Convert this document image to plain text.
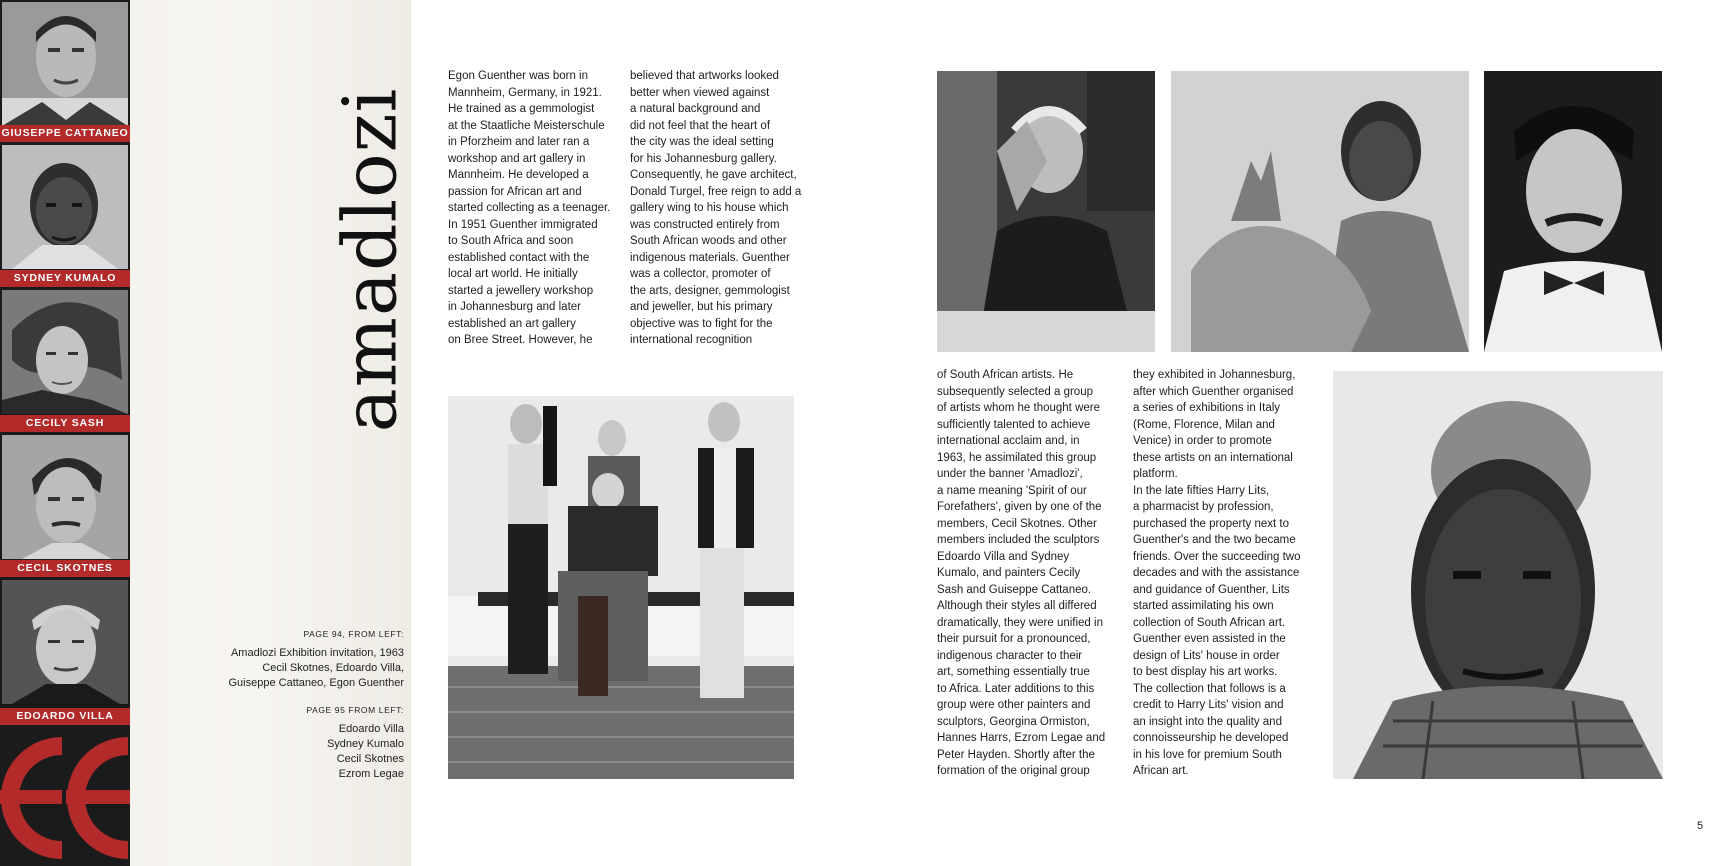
GIUSEPPE CATTANEO
SYDNEY KUMALO
CECILY SASH
CECIL SKOTNES
EDOARDO VILLA
amadlozi
PAGE 94, FROM LEFT:
Amadlozi Exhibition invitation, 1963
Cecil Skotnes, Edoardo Villa,
Guiseppe Cattaneo, Egon Guenther
PAGE 95 FROM LEFT:
Edoardo Villa
Sydney Kumalo
Cecil Skotnes
Ezrom Legae
Egon Guenther was born in
Mannheim, Germany, in 1921.
He trained as a gemmologist
at the Staatliche Meisterschule
in Pforzheim and later ran a
workshop and art gallery in
Mannheim. He developed a
passion for African art and
started collecting as a teenager.
In 1951 Guenther immigrated
to South Africa and soon
established contact with the
local art world. He initially
started a jewellery workshop
in Johannesburg and later
established an art gallery
on Bree Street. However, he
believed that artworks looked
better when viewed against
a natural background and
did not feel that the heart of
the city was the ideal setting
for his Johannesburg gallery.
Consequently, he gave architect,
Donald Turgel, free reign to add a
gallery wing to his house which
was constructed entirely from
South African woods and other
indigenous materials. Guenther
was a collector, promoter of
the arts, designer, gemmologist
and jeweller, but his primary
objective was to fight for the
international recognition
of South African artists. He
subsequently selected a group
of artists whom he thought were
sufficiently talented to achieve
international acclaim and, in
1963, he assimilated this group
under the banner 'Amadlozi',
a name meaning 'Spirit of our
Forefathers', given by one of the
members, Cecil Skotnes. Other
members included the sculptors
Edoardo Villa and Sydney
Kumalo, and painters Cecily
Sash and Guiseppe Cattaneo.
Although their styles all differed
dramatically, they were unified in
their pursuit for a pronounced,
indigenous character to their
art, something essentially true
to Africa. Later additions to this
group were other painters and
sculptors, Georgina Ormiston,
Hannes Harrs, Ezrom Legae and
Peter Hayden. Shortly after the
formation of the original group
they exhibited in Johannesburg,
after which Guenther organised
a series of exhibitions in Italy
(Rome, Florence, Milan and
Venice) in order to promote
these artists on an international
platform.
In the late fifties Harry Lits,
a pharmacist by profession,
purchased the property next to
Guenther's and the two became
friends. Over the succeeding two
decades and with the assistance
and guidance of Guenther, Lits
started assimilating his own
collection of South African art.
Guenther even assisted in the
design of Lits' house in order
to best display his art works.
The collection that follows is a
credit to Harry Lits' vision and
an insight into the quality and
connoisseurship he developed
in his love for premium South
African art.
5
